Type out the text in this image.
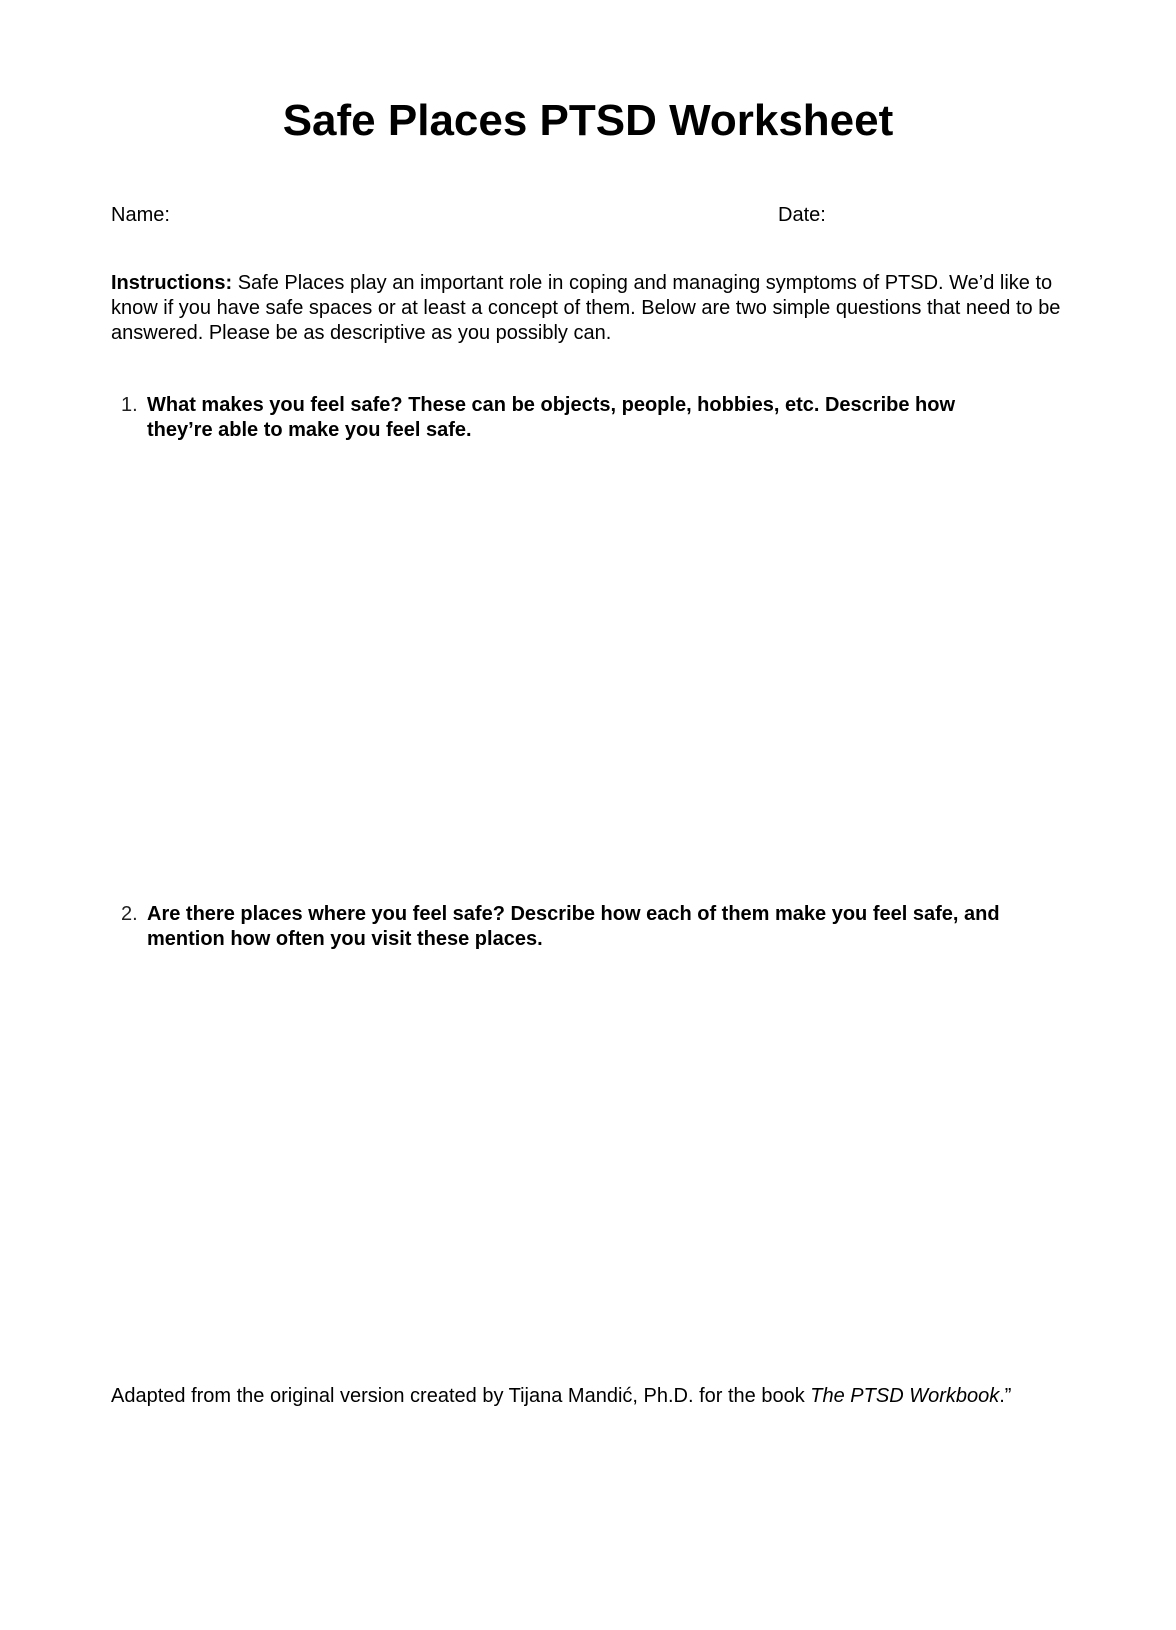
Safe Places PTSD Worksheet
Name:	Date:
Instructions: Safe Places play an important role in coping and managing symptoms of PTSD. We’d like to know if you have safe spaces or at least a concept of them. Below are two simple questions that need to be answered. Please be as descriptive as you possibly can.
1. What makes you feel safe? These can be objects, people, hobbies, etc. Describe how they’re able to make you feel safe.
2. Are there places where you feel safe? Describe how each of them make you feel safe, and mention how often you visit these places.
Adapted from the original version created by Tijana Mandić, Ph.D. for the book The PTSD Workbook.”
